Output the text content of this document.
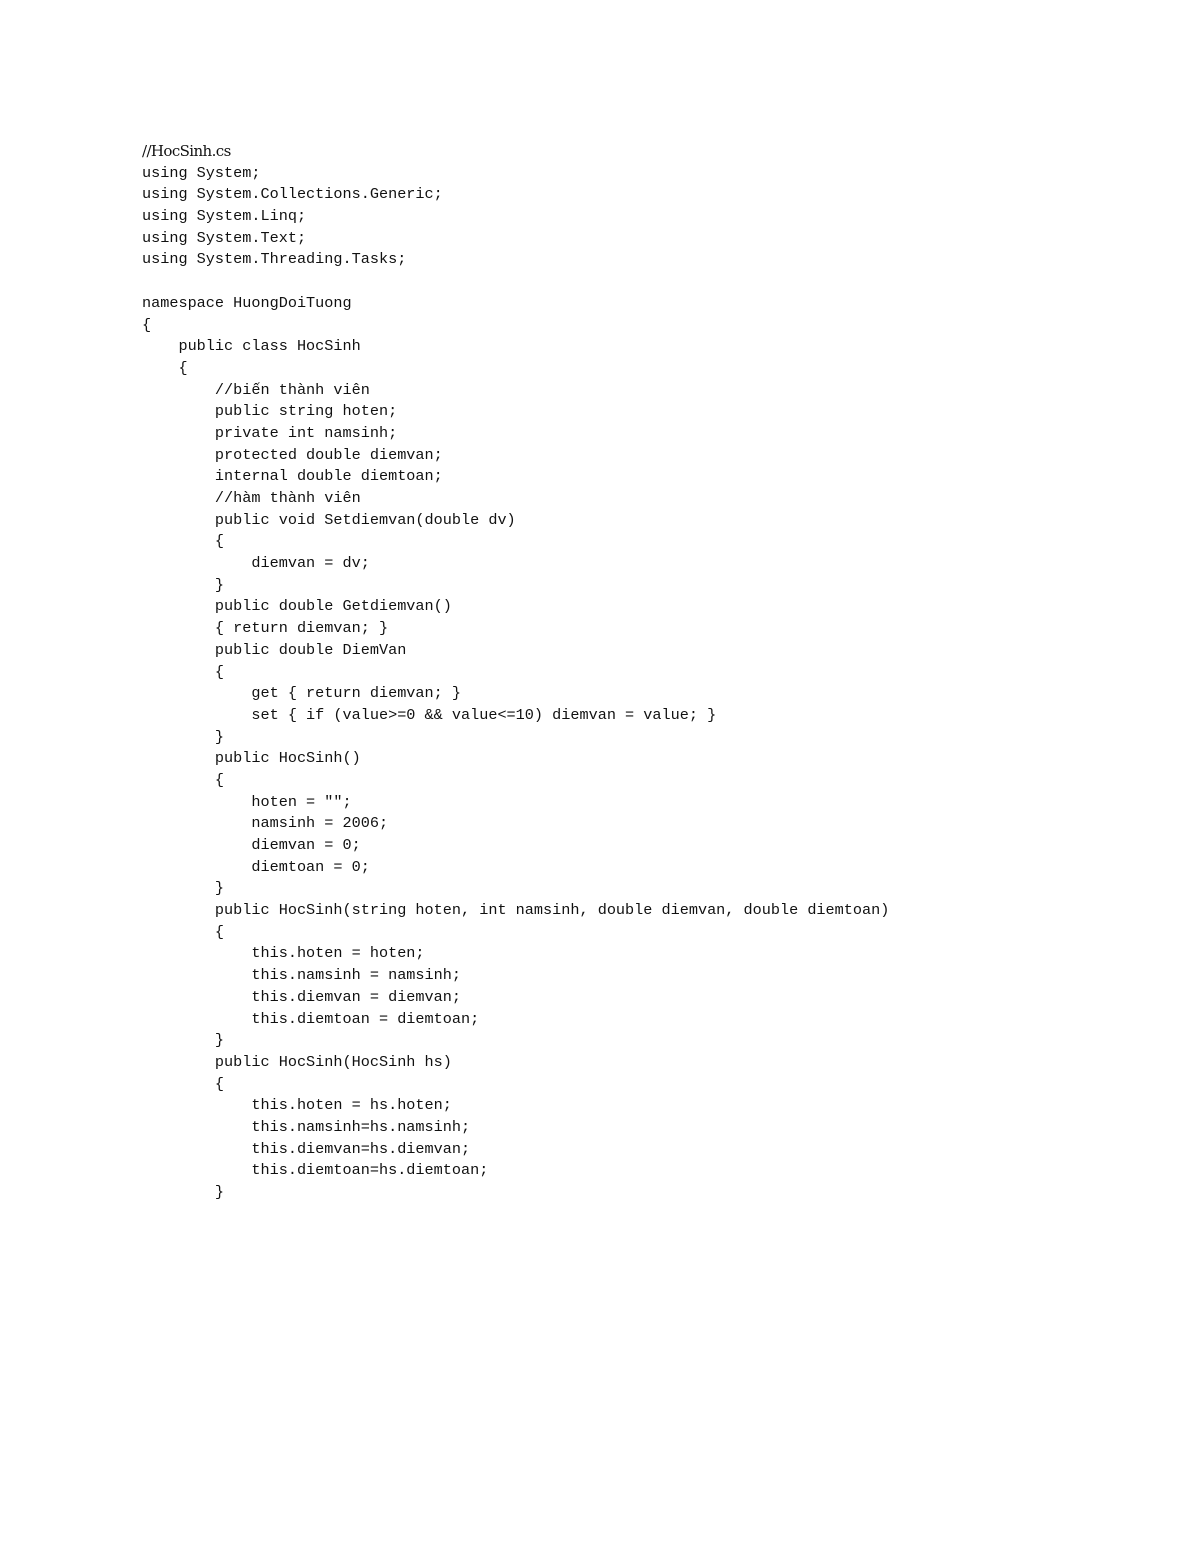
//HocSinh.cs
using System;
using System.Collections.Generic;
using System.Linq;
using System.Text;
using System.Threading.Tasks;
namespace HuongDoiTuong
{
public class HocSinh
{
//biến thành viên
public string hoten;
private int namsinh;
protected double diemvan;
internal double diemtoan;
//hàm thành viên
public void Setdiemvan(double dv)
{
diemvan = dv;
}
public double Getdiemvan()
{ return diemvan; }
public double DiemVan
{
get { return diemvan; }
set { if (value>=0 && value<=10) diemvan = value; }
}
public HocSinh()
{
hoten = "";
namsinh = 2006;
diemvan = 0;
diemtoan = 0;
}
public HocSinh(string hoten, int namsinh, double diemvan, double diemtoan)
{
this.hoten = hoten;
this.namsinh = namsinh;
this.diemvan = diemvan;
this.diemtoan = diemtoan;
}
public HocSinh(HocSinh hs)
{
this.hoten = hs.hoten;
this.namsinh=hs.namsinh;
this.diemvan=hs.diemvan;
this.diemtoan=hs.diemtoan;
}
